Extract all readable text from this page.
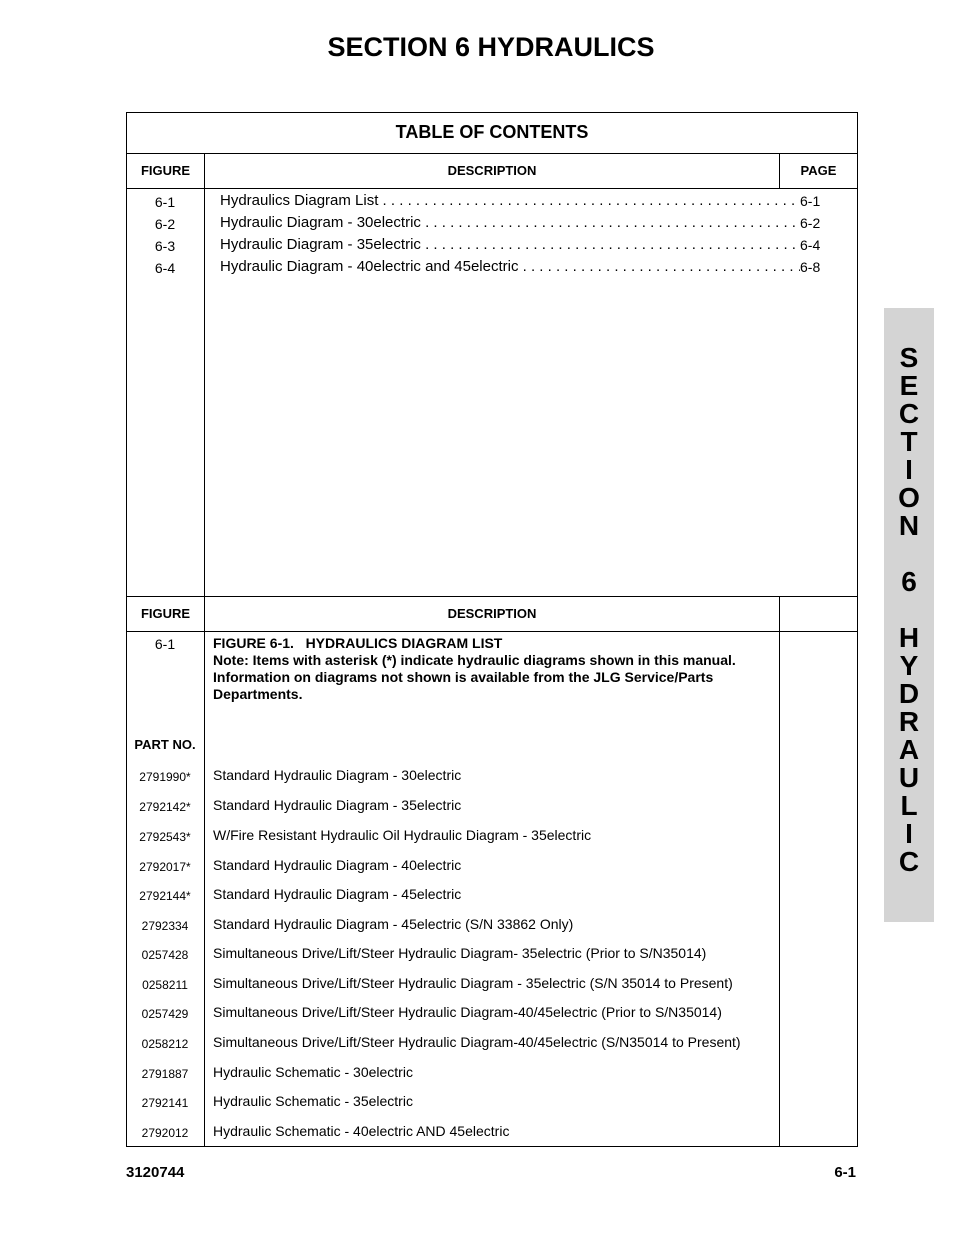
SECTION 6 HYDRAULICS
TABLE OF CONTENTS
FIGURE	DESCRIPTION	PAGE
6-1	Hydraulics Diagram List . . .	6-1
6-2	Hydraulic Diagram - 30electric . . .	6-2
6-3	Hydraulic Diagram - 35electric . . .	6-4
6-4	Hydraulic Diagram - 40electric and 45electric . . .	6-8
FIGURE	DESCRIPTION
6-1	FIGURE 6-1.   HYDRAULICS DIAGRAM LIST
Note: Items with asterisk (*) indicate hydraulic diagrams shown in this manual.
Information on diagrams not shown is available from the JLG Service/Parts
Departments.
PART NO.
2791990*	Standard Hydraulic Diagram - 30electric
2792142*	Standard Hydraulic Diagram - 35electric
2792543*	W/Fire Resistant Hydraulic Oil Hydraulic Diagram - 35electric
2792017*	Standard Hydraulic Diagram - 40electric
2792144*	Standard Hydraulic Diagram - 45electric
2792334	Standard Hydraulic Diagram - 45electric (S/N 33862 Only)
0257428	Simultaneous Drive/Lift/Steer Hydraulic Diagram- 35electric (Prior to S/N35014)
0258211	Simultaneous Drive/Lift/Steer Hydraulic Diagram - 35electric (S/N 35014 to Present)
0257429	Simultaneous Drive/Lift/Steer Hydraulic Diagram-40/45electric (Prior to S/N35014)
0258212	Simultaneous Drive/Lift/Steer Hydraulic Diagram-40/45electric (S/N35014 to Present)
2791887	Hydraulic Schematic - 30electric
2792141	Hydraulic Schematic - 35electric
2792012	Hydraulic Schematic - 40electric AND 45electric
S
E
C
T
I
O
N
6
H
Y
D
R
A
U
L
I
C
3120744	6-1
